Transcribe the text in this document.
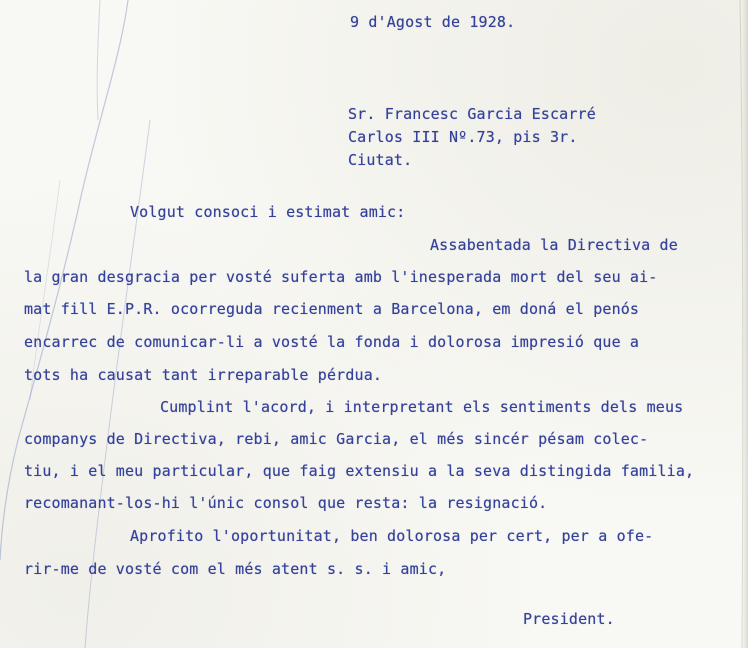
9 d'Agost de 1928.
Sr. Francesc Garcia Escarré
Carlos III Nº.73, pis 3r.
Ciutat.
Volgut consoci i estimat amic:
Assabentada la Directiva de
la gran desgracia per vosté suferta amb l'inesperada mort del seu ai-
mat fill E.P.R. ocorreguda recienment a Barcelona, em doná el penós
encarrec de comunicar-li a vosté la fonda i dolorosa impresió que a
tots ha causat tant irreparable pérdua.
Cumplint l'acord, i interpretant els sentiments dels meus
companys de Directiva, rebi, amic Garcia, el més sincér pésam colec-
tiu, i el meu particular, que faig extensiu a la seva distingida familia,
recomanant-los-hi l'únic consol que resta: la resignació.
Aprofito l'oportunitat, ben dolorosa per cert, per a ofe-
rir-me de vosté com el més atent s. s. i amic,
President.
